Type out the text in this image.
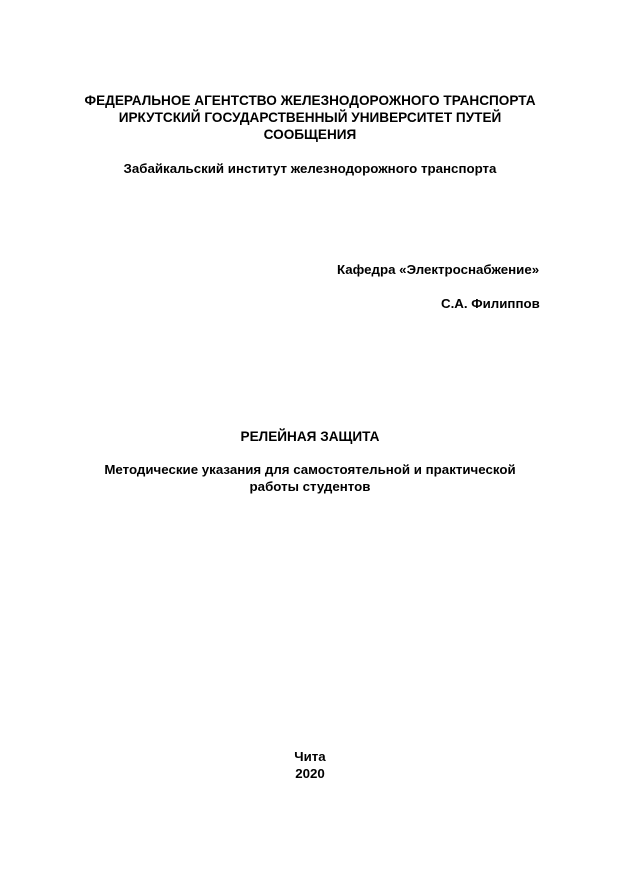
ФЕДЕРАЛЬНОЕ АГЕНТСТВО ЖЕЛЕЗНОДОРОЖНОГО ТРАНСПОРТА
ИРКУТСКИЙ ГОСУДАРСТВЕННЫЙ УНИВЕРСИТЕТ ПУТЕЙ
СООБЩЕНИЯ
Забайкальский институт железнодорожного транспорта
Кафедра «Электроснабжение»
С.А. Филиппов
РЕЛЕЙНАЯ ЗАЩИТА
Методические указания для самостоятельной и практической
работы студентов
Чита
2020
